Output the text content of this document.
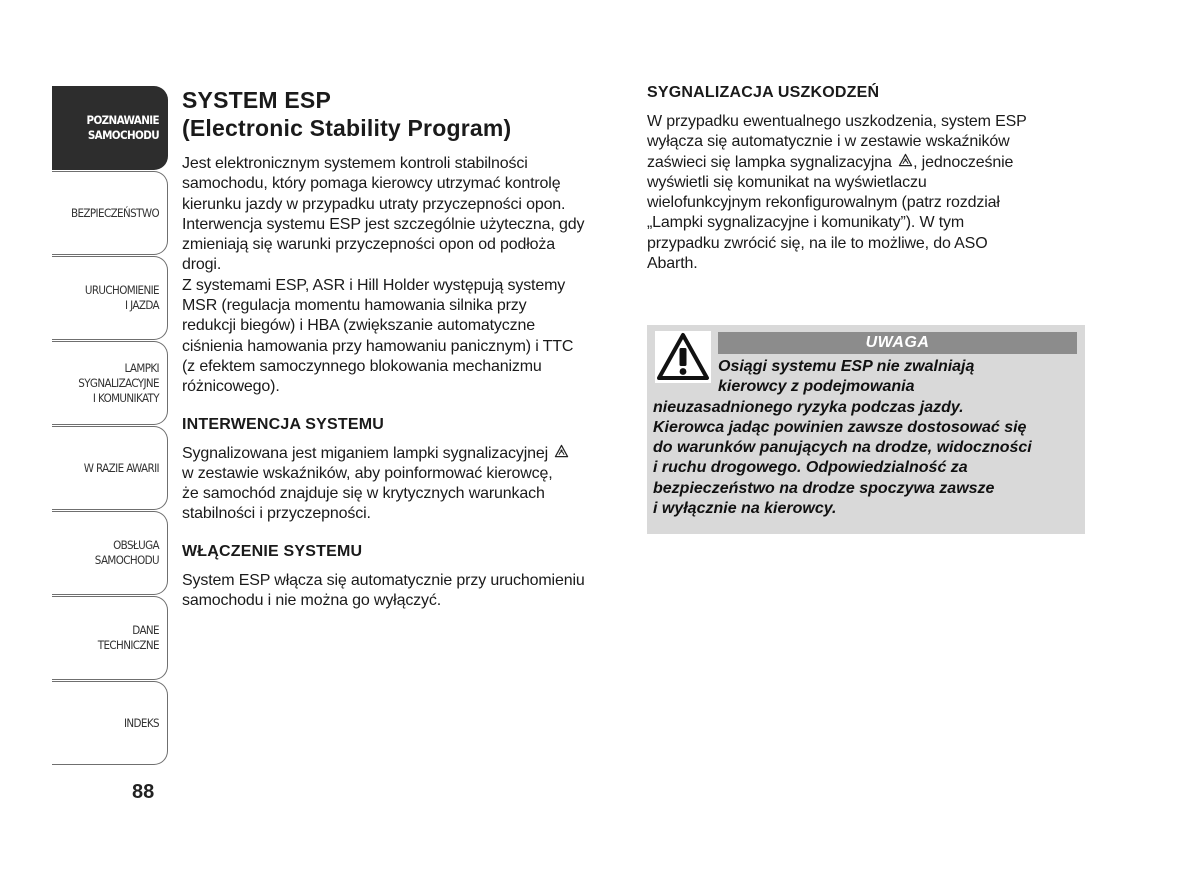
POZNAWANIE
SAMOCHODU
BEZPIECZEŃSTWO
URUCHOMIENIE
I JAZDA
LAMPKI
SYGNALIZACYJNE
I KOMUNIKATY
W RAZIE AWARII
OBSŁUGA
SAMOCHODU
DANE
TECHNICZNE
INDEKS
88
SYSTEM ESP
(Electronic Stability Program)

Jest elektronicznym systemem kontroli stabilności
samochodu, który pomaga kierowcy utrzymać kontrolę
kierunku jazdy w przypadku utraty przyczepności opon.
Interwencja systemu ESP jest szczególnie użyteczna, gdy
zmieniają się warunki przyczepności opon od podłoża
drogi.
Z systemami ESP, ASR i Hill Holder występują systemy
MSR (regulacja momentu hamowania silnika przy
redukcji biegów) i HBA (zwiększanie automatyczne
ciśnienia hamowania przy hamowaniu panicznym) i TTC
(z efektem samoczynnego blokowania mechanizmu
różnicowego).

INTERWENCJA SYSTEMU

Sygnalizowana jest miganiem lampki sygnalizacyjnej
w zestawie wskaźników, aby poinformować kierowcę,
że samochód znajduje się w krytycznych warunkach
stabilności i przyczepności.

WŁĄCZENIE SYSTEMU

System ESP włącza się automatycznie przy uruchomieniu
samochodu i nie można go wyłączyć.

SYGNALIZACJA USZKODZEŃ

W przypadku ewentualnego uszkodzenia, system ESP
wyłącza się automatycznie i w zestawie wskaźników
zaświeci się lampka sygnalizacyjna , jednocześnie
wyświetli się komunikat na wyświetlaczu
wielofunkcyjnym rekonfigurowalnym (patrz rozdział
„Lampki sygnalizacyjne i komunikaty”). W tym
przypadku zwrócić się, na ile to możliwe, do ASO
Abarth.

UWAGA
Osiągi systemu ESP nie zwalniają
kierowcy z podejmowania
nieuzasadnionego ryzyka podczas jazdy.
Kierowca jadąc powinien zawsze dostosować się
do warunków panujących na drodze, widoczności
i ruchu drogowego. Odpowiedzialność za
bezpieczeństwo na drodze spoczywa zawsze
i wyłącznie na kierowcy.
